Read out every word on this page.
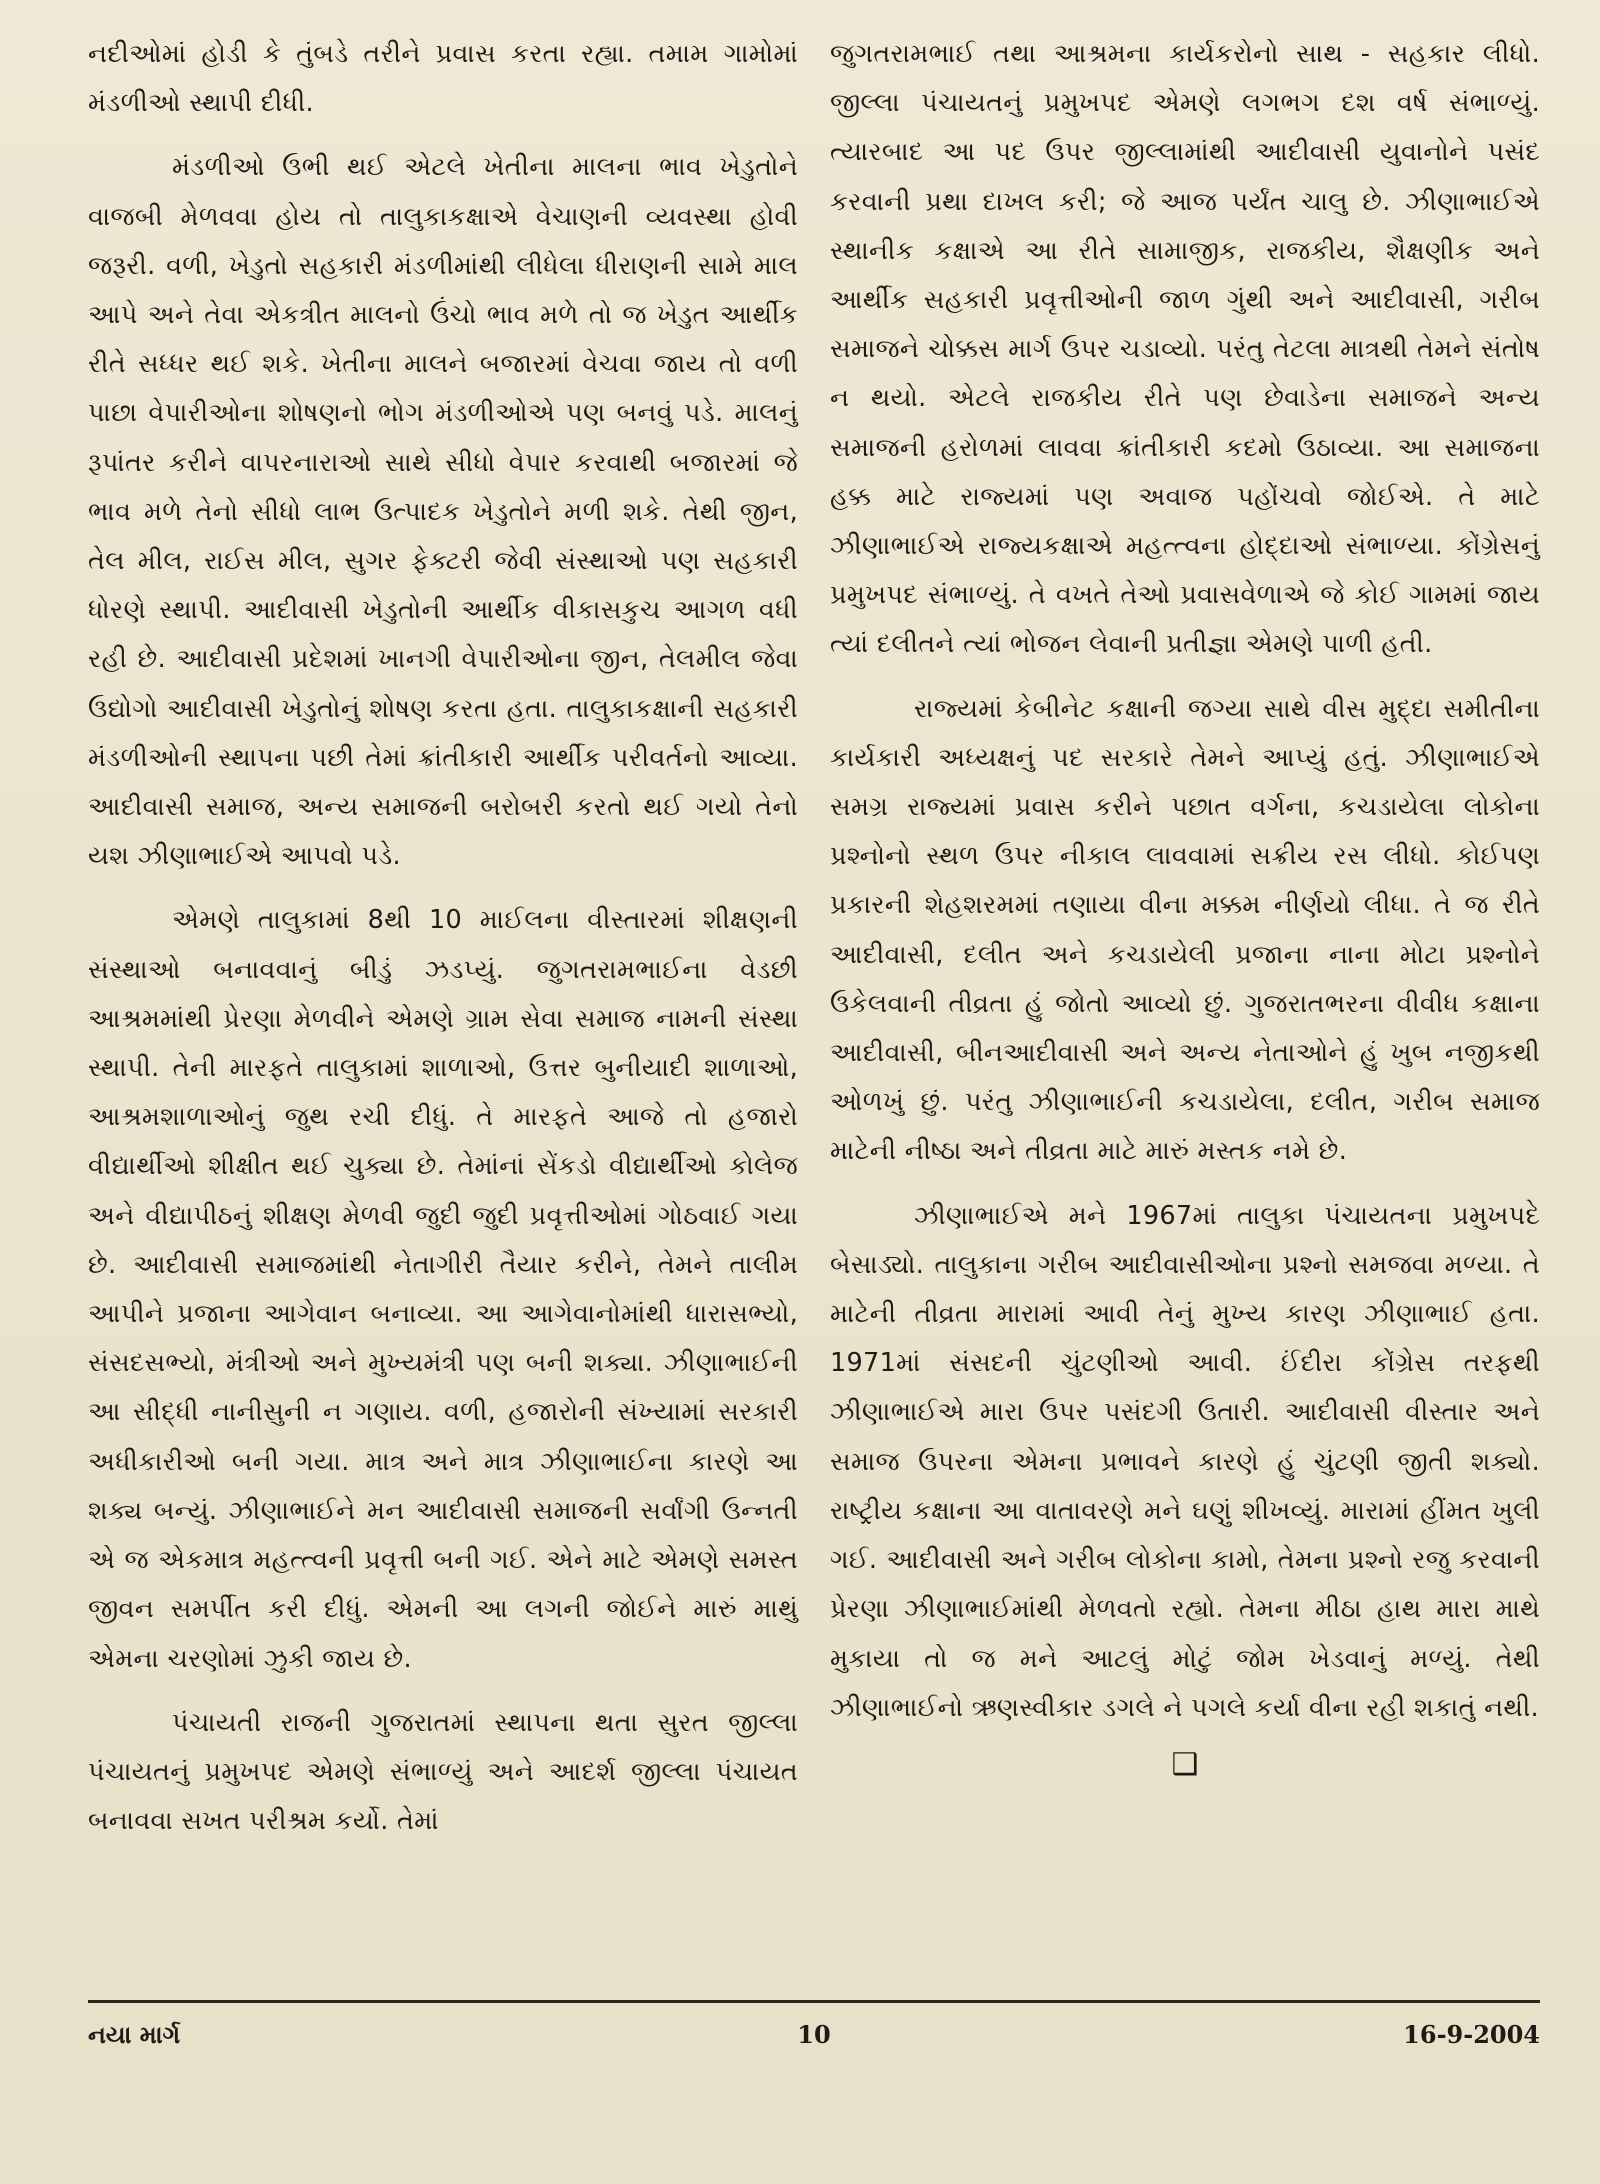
નદીઓમાં હોડી કે તુંબડે તરીને પ્રવાસ કરતા રહ્યા. તમામ ગામોમાં મંડળીઓ સ્થાપી દીધી.

મંડળીઓ ઉભી થઈ એટલે ખેતીના માલના ભાવ ખેડુતોને વાજબી મેળવવા હોય તો તાલુકાકક્ષાએ વેચાણની વ્યવસ્થા હોવી જરૂરી. વળી, ખેડુતો સહકારી મંડળીમાંથી લીધેલા ધીરાણની સામે માલ આપે અને તેવા એકત્રીત માલનો ઉંચો ભાવ મળે તો જ ખેડુત આર્થીક રીતે સધ્ધર થઈ શકે. ખેતીના માલને બજારમાં વેચવા જાય તો વળી પાછા વેપારીઓના શોષણનો ભોગ મંડળીઓએ પણ બનવું પડે. માલનું રૂપાંતર કરીને વાપરનારાઓ સાથે સીધો વેપાર કરવાથી બજારમાં જે ભાવ મળે તેનો સીધો લાભ ઉત્પાદક ખેડુતોને મળી શકે. તેથી જીન, તેલ મીલ, રાઈસ મીલ, સુગર ફેક્ટરી જેવી સંસ્થાઓ પણ સહકારી ધોરણે સ્થાપી. આદીવાસી ખેડુતોની આર્થીક વીકાસકુચ આગળ વધી રહી છે. આદીવાસી પ્રદેશમાં ખાનગી વેપારીઓના જીન, તેલમીલ જેવા ઉદ્યોગો આદીવાસી ખેડુતોનું શોષણ કરતા હતા. તાલુકાકક્ષાની સહકારી મંડળીઓની સ્થાપના પછી તેમાં ક્રાંતીકારી આર્થીક પરીવર્તનો આવ્યા. આદીવાસી સમાજ, અન્ય સમાજની બરોબરી કરતો થઈ ગયો તેનો યશ ઝીણાભાઈએ આપવો પડે.

એમણે તાલુકામાં 8થી 10 માઈલના વીસ્તારમાં શીક્ષણની સંસ્થાઓ બનાવવાનું બીડું ઝડપ્યું. જુગતરામભાઈના વેડછી આશ્રમમાંથી પ્રેરણા મેળવીને એમણે ગ્રામ સેવા સમાજ નામની સંસ્થા સ્થાપી. તેની મારફતે તાલુકામાં શાળાઓ, ઉત્તર બુનીયાદી શાળાઓ, આશ્રમશાળાઓનું જુથ રચી દીધું. તે મારફતે આજે તો હજારો વીદ્યાર્થીઓ શીક્ષીત થઈ ચુક્યા છે. તેમાંનાં સેંકડો વીદ્યાર્થીઓ કોલેજ અને વીદ્યાપીઠનું શીક્ષણ મેળવી જુદી જુદી પ્રવૃત્તીઓમાં ગોઠવાઈ ગયા છે. આદીવાસી સમાજમાંથી નેતાગીરી તૈયાર કરીને, તેમને તાલીમ આપીને પ્રજાના આગેવાન બનાવ્યા. આ આગેવાનોમાંથી ધારાસભ્યો, સંસદસભ્યો, મંત્રીઓ અને મુખ્યમંત્રી પણ બની શક્યા. ઝીણાભાઈની આ સીદ્ધી નાનીસુની ન ગણાય. વળી, હજારોની સંખ્યામાં સરકારી અધીકારીઓ બની ગયા. માત્ર અને માત્ર ઝીણાભાઈના કારણે આ શક્ય બન્યું. ઝીણાભાઈને મન આદીવાસી સમાજની સર્વાંગી ઉન્નતી એ જ એકમાત્ર મહત્ત્વની પ્રવૃત્તી બની ગઈ. એને માટે એમણે સમસ્ત જીવન સમર્પીત કરી દીધું. એમની આ લગની જોઈને મારું માથું એમના ચરણોમાં ઝુકી જાય છે.

પંચાયતી રાજની ગુજરાતમાં સ્થાપના થતા સુરત જીલ્લા પંચાયતનું પ્રમુખપદ એમણે સંભાળ્યું અને આદર્શ જીલ્લા પંચાયત બનાવવા સખત પરીશ્રમ કર્યો. તેમાં

જુગતરામભાઈ તથા આશ્રમના કાર્યકરોનો સાથ - સહકાર લીધો. જીલ્લા પંચાયતનું પ્રમુખપદ એમણે લગભગ દશ વર્ષ સંભાળ્યું. ત્યારબાદ આ પદ ઉપર જીલ્લામાંથી આદીવાસી યુવાનોને પસંદ કરવાની પ્રથા દાખલ કરી; જે આજ પર્યંત ચાલુ છે. ઝીણાભાઈએ સ્થાનીક કક્ષાએ આ રીતે સામાજીક, રાજકીય, શૈક્ષણીક અને આર્થીક સહકારી પ્રવૃત્તીઓની જાળ ગુંથી અને આદીવાસી, ગરીબ સમાજને ચોક્કસ માર્ગ ઉપર ચડાવ્યો. પરંતુ તેટલા માત્રથી તેમને સંતોષ ન થયો. એટલે રાજકીય રીતે પણ છેવાડેના સમાજને અન્ય સમાજની હરોળમાં લાવવા ક્રાંતીકારી કદમો ઉઠાવ્યા. આ સમાજના હક્ક માટે રાજ્યમાં પણ અવાજ પહોંચવો જોઈએ. તે માટે ઝીણાભાઈએ રાજ્યકક્ષાએ મહત્ત્વના હોદ્દાઓ સંભાળ્યા. કોંગ્રેસનું પ્રમુખપદ સંભાળ્યું. તે વખતે તેઓ પ્રવાસવેળાએ જે કોઈ ગામમાં જાય ત્યાં દલીતને ત્યાં ભોજન લેવાની પ્રતીજ્ઞા એમણે પાળી હતી.

રાજ્યમાં કેબીનેટ કક્ષાની જગ્યા સાથે વીસ મુદ્દા સમીતીના કાર્યકારી અધ્યક્ષનું પદ સરકારે તેમને આપ્યું હતું. ઝીણાભાઈએ સમગ્ર રાજ્યમાં પ્રવાસ કરીને પછાત વર્ગના, કચડાયેલા લોકોના પ્રશ્નોનો સ્થળ ઉપર નીકાલ લાવવામાં સક્રીય રસ લીધો. કોઈપણ પ્રકારની શેહશરમમાં તણાયા વીના મક્કમ નીર્ણયો લીધા. તે જ રીતે આદીવાસી, દલીત અને કચડાયેલી પ્રજાના નાના મોટા પ્રશ્નોને ઉકેલવાની તીવ્રતા હું જોતો આવ્યો છું. ગુજરાતભરના વીવીધ કક્ષાના આદીવાસી, બીનઆદીવાસી અને અન્ય નેતાઓને હું ખુબ નજીકથી ઓળખું છું. પરંતુ ઝીણાભાઈની કચડાયેલા, દલીત, ગરીબ સમાજ માટેની નીષ્ઠા અને તીવ્રતા માટે મારું મસ્તક નમે છે.

ઝીણાભાઈએ મને 1967માં તાલુકા પંચાયતના પ્રમુખપદે બેસાડ્યો. તાલુકાના ગરીબ આદીવાસીઓના પ્રશ્નો સમજવા મળ્યા. તે માટેની તીવ્રતા મારામાં આવી તેનું મુખ્ય કારણ ઝીણાભાઈ હતા. 1971માં સંસદની ચુંટણીઓ આવી. ઈંદીરા કોંગ્રેસ તરફથી ઝીણાભાઈએ મારા ઉપર પસંદગી ઉતારી. આદીવાસી વીસ્તાર અને સમાજ ઉપરના એમના પ્રભાવને કારણે હું ચુંટણી જીતી શક્યો. રાષ્ટ્રીય કક્ષાના આ વાતાવરણે મને ઘણું શીખવ્યું. મારામાં હીંમત ખુલી ગઈ. આદીવાસી અને ગરીબ લોકોના કામો, તેમના પ્રશ્નો રજુ કરવાની પ્રેરણા ઝીણાભાઈમાંથી મેળવતો રહ્યો. તેમના મીઠા હાથ મારા માથે મુકાયા તો જ મને આટલું મોટું જોમ ખેડવાનું મળ્યું. તેથી ઝીણાભાઈનો ઋણસ્વીકાર ડગલે ને પગલે કર્યા વીના રહી શકાતું નથી.

❑
નયા માર્ગ	10	16-9-2004
